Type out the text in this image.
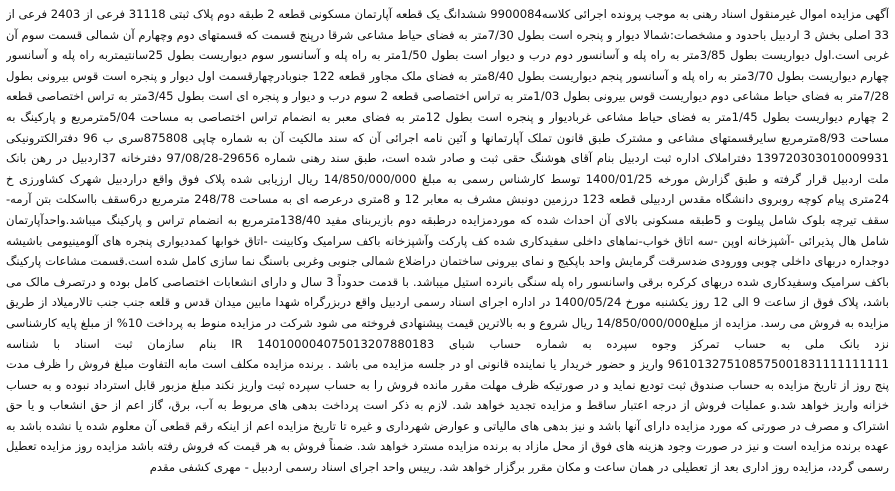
آگهی مزایده اموال غیرمنقول اسناد رهنی به موجب پرونده اجرائی کلاسه9900084 ششدانگ یک قطعه آپارتمان مسکونی قطعه 2 طبقه دوم پلاک ثبتی 31118 فرعی از 2403 فرعی از 33 اصلی بخش 3 اردبیل باحدود و مشخصات:شمالا دیوار و پنجره است بطول 7/30متر به فضای حیاط مشاعی شرقا درپنج قسمت که قسمتهای دوم وچهارم آن شمالی قسمت سوم آن غربی است.اول دیواریست بطول 3/85متر به راه پله و آسانسور دوم درب و دیوار است بطول 1/50متر به راه پله و آسانسور سوم دیواریست بطول 25سانتیمتربه راه پله و آسانسور چهارم دیواریست بطول 3/70متر به راه پله و آسانسور پنجم دیواریست بطول 8/40متر به فضای ملک مجاور قطعه 122 جنوبادرچهارقسمت اول دیوار و پنجره است قوس بیرونی بطول 7/28متر به فضای حیاط مشاعی دوم دیواریست قوس بیرونی بطول 1/03متر به تراس اختصاصی قطعه 2 سوم درب و دیوار و پنجره ای است بطول 3/45متر به تراس اختصاصی قطعه 2 چهارم دیواریست بطول 1/45متر به فضای حیاط مشاعی غربادیوار و پنجره است بطول 12متر به فضای معبر به انضمام تراس اختصاصی به مساحت 5/04مترمربع و پارکینگ به مساحت 8/93مترمربع سایرقسمتهای مشاعی و مشترک طبق قانون تملک آپارتمانها و آئین نامه اجرائی آن که سند مالکیت آن به شماره چاپی 875808سری ب 96 دفترالکترونیکی 139720303010009931 دفتراملاک اداره ثبت اردبیل بنام آقای هوشنگ حقی ثبت و صادر شده است، طبق سند رهنی شماره 29656-97/08/28 دفترخانه 37اردبیل در رهن بانک ملت اردبیل قرار گرفته و طبق گزارش مورخه 1400/01/25 توسط کارشناس رسمی به مبلغ 14/850/000/000 ریال ارزیابی شده پلاک فوق واقع دراردبیل شهرک کشاورزی خ 24متری پیام کوچه روبروی دانشگاه مقدس اردبیلی قطعه 123 درزمین دونبش مشرف به معابر 12 و 8متری درعرصه ای به مساحت 248/78 مترمربع در6سقف بااسکلت بتن آرمه- سقف تیرچه بلوک شامل پیلوت و 5طبقه مسکونی بالای آن احداث شده که موردمزایده درطبقه دوم بازیربنای مفید 138/40مترمربع به انضمام تراس و پارکینگ میباشد.واحدآپارتمان شامل هال پذیرائی -آشپزخانه اوپن -سه اتاق خواب-نماهای داخلی سفیدکاری شده کف پارکت وآشپزخانه باکف سرامیک وکابینت -اتاق خوابها کمددیواری پنجره های آلومینیومی باشیشه دوجداره دربهای داخلی چوبی وورودی ضدسرقت گرمایش واحد باپکیج و نمای بیرونی ساختمان دراضلاع شمالی جنوبی وغربی باسنگ نما سازی کامل شده است.قسمت مشاعات پارکینگ باکف سرامیک وسفیدکاری شده دربهای کرکره برقی واسانسور راه پله سنگی بانرده استیل میباشد. با قدمت حدوداً 3 سال و دارای انشعابات اختصاصی کامل بوده و درتصرف مالک می باشد، پلاک فوق از ساعت 9 الی 12 روز یکشنبه مورخ 1400/05/24 در اداره اجرای اسناد رسمی اردبیل واقع دربزرگراه شهدا مابین میدان قدس و قلعه جنب جنب تالارمیلاد از طریق مزایده به فروش می رسد. مزایده از مبلغ14/850/000/000 ریال شروع و به بالاترین قیمت پیشنهادی فروخته می شود شرکت در مزایده منوط به پرداخت 10% از مبلغ پایه کارشناسی نزد بانک ملی به حساب تمرکز وجوه سپرده به شماره حساب شبای 140100004075013207880183 IR بنام سازمان ثبت اسناد با شناسه 961013275108575001831111111111 واریز و حضور خریدار یا نماینده قانونی او در جلسه مزایده می باشد . برنده مزایده مکلف است مابه التفاوت مبلغ فروش را ظرف مدت پنج روز از تاریخ مزایده به حساب صندوق ثبت تودیع نماید و در صورتیکه ظرف مهلت مقرر مانده فروش را به حساب سپرده ثبت واریز نکند مبلغ مزبور قابل استرداد نبوده و به حساب خزانه واریز خواهد شد.و عملیات فروش از درجه اعتبار ساقط و مزایده تجدید خواهد شد. لازم به ذکر است پرداخت بدهی های مربوط به آب، برق، گاز اعم از حق انشعاب و یا حق اشتراک و مصرف در صورتی که مورد مزایده دارای آنها باشد و نیز بدهی های مالیاتی و عوارض شهرداری و غیره تا تاریخ مزایده اعم از اینکه رقم قطعی آن معلوم شده یا نشده باشد به عهده برنده مزایده است و نیز در صورت وجود هزینه های فوق از محل مازاد به برنده مزایده مسترد خواهد شد. ضمناً فروش به هر قیمت که فروش رفته باشد مزایده روز مزایده تعطیل رسمی گردد، مزایده روز اداری بعد از تعطیلی در همان ساعت و مکان مقرر برگزار خواهد شد. رییس واحد اجرای اسناد رسمی اردبیل - مهری کشفی مقدم
